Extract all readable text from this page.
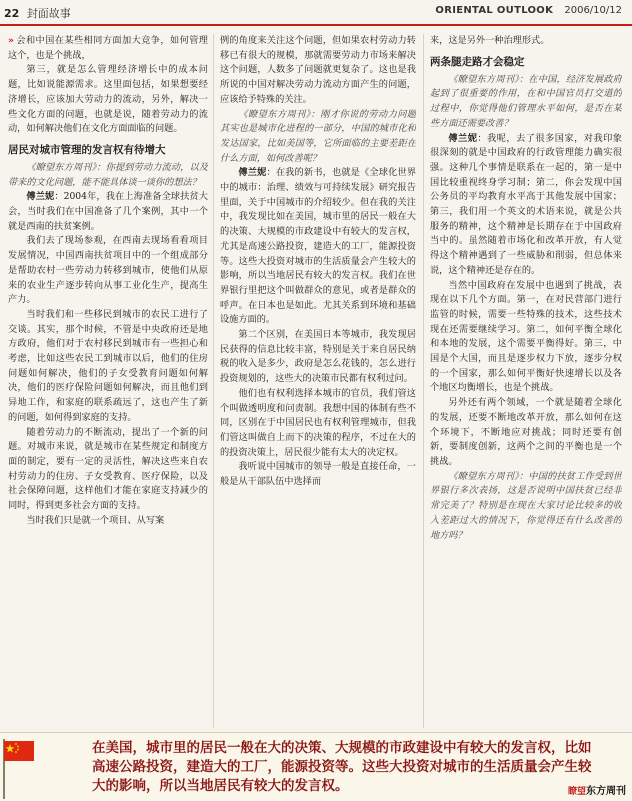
22 封面故事	ORIENTAL OUTLOOK 2006/10/12

» 会和中国在某些相同方面加大竞争，如何管理这个，也是个挑战，

第三，就是怎么管理经济增长中的成本问题，比如说能源需求。这里面包括，如果想要经济增长，应该加大劳动力的流动，另外，解决一些文化方面的问题，也就是说，随着劳动力的流动，如何解决他们在文化方面面临的问题。

居民对城市管理的发言权有待增大

《瞭望东方周刊》：你提到劳动力流动，以及带来的文化问题，能不能具体谈一谈你的想法？

傅兰妮：2004年，我在上海准备全球扶贫大会，当时我们在中国准备了几个案例，其中一个就是西南的扶贫案例。

我们去了现场参观，在西南去现场看看项目发展情况，中国西南扶贫项目中的一个组成部分是帮助农村一些劳动力转移到城市，使他们从原来的农业生产逐步转向从事工业化生产，提高生产力。

当时我们和一些移民到城市的农民工进行了交谈。其实，那个时候，不管是中央政府还是地方政府，他们对于农村移民到城市有一些担心和考虑，比如这些农民工到城市以后，他们的住房问题如何解决，他们的子女受教育问题如何解决，他们的医疗保险问题如何解决，而且他们到异地工作，和家庭的联系疏远了，这也产生了新的问题，如何得到家庭的支持。

随着劳动力的不断流动，提出了一个新的问题。对城市来说，就是城市在某些规定和制度方面的制定，要有一定的灵活性，解决这些来自农村劳动力的住房、子女受教育、医疗保险，以及社会保障问题，这样他们才能在家庭支持减少的同时，得到更多社会方面的支持。

当时我们只是就一个项目、从写案

例的角度来关注这个问题，但如果农村劳动力转移已有很大的规模，那就需要劳动力市场来解决这个问题，人数多了问题就更复杂了。这也是我所说的中国对解决劳动力流动方面产生的问题，应该给予特殊的关注。

《瞭望东方周刊》：刚才你说的劳动力问题其实也是城市化进程的一部分，中国的城市化和发达国家，比如美国等，它所面临的主要差距在什么方面，如何改善呢？

傅兰妮：在我的新书，也就是《全球化世界中的城市：治理、绩效与可持续发展》研究报告里面，关于中国城市的介绍较少。但在我的关注中，我发现比如在美国，城市里的居民一般在大的决策、大规模的市政建设中有较大的发言权，尤其是高速公路投资，建造大的工厂，能源投资等。这些大投资对城市的生活质量会产生较大的影响，所以当地居民有较大的发言权。我们在世界银行里把这个叫做群众的意见，或者是群众的呼声。在日本也是如此。尤其关系到环境和基础设施方面的。

第二个区别，在美国日本等城市，我发现居民获得的信息比较丰富，特别是关于来自居民纳税的收入是多少，政府是怎么花钱的，怎么进行投资规划的，这些大的决策市民都有权利过问。

他们也有权利选择本城市的官员，我们管这个叫做透明度和问责制。我想中国的体制有些不同，区别在于中国居民也有权利管理城市，但我们管这叫做自上而下的决策的程序，不过在大的的投资决策上，居民很少能有太大的决定权。

我听说中国城市的领导一般是直接任命，一般是从干部队伍中选择而

来，这是另外一种治理形式。

两条腿走路才会稳定

《瞭望东方周刊》：在中国，经济发展政府起到了很重要的作用，在和中国官员打交道的过程中，你觉得他们管理水平如何，是否在某些方面还需要改善？

傅兰妮：我呢，去了很多国家，对我印象很深刻的就是中国政府的行政管理能力确实很强。这种几个事情是联系在一起的，第一是中国比较重视终身学习制；第二，你会发现中国公务员的平均教育水平高于其他发展中国家；第三，我们用一个英文的术语来说，就是公共服务的精神，这个精神是长期存在于中国政府当中的。虽然随着市场化和改革开放，有人觉得这个精神遇到了一些威胁和削弱，但总体来说，这个精神还是存在的。

当然中国政府在发展中也遇到了挑战，表现在以下几个方面。第一，在对民营部门进行监管的时候，需要一些特殊的技术，这些技术现在还需要继续学习。第二，如何平衡全球化和本地的发展，这个需要平衡得好。第三，中国是个大国，而且是逐步权力下放，逐步分权的一个国家，那么如何平衡好快速增长以及各个地区均衡增长，也是个挑战。

另外还有两个领域，一个就是随着全球化的发展，还要不断地改革开放，那么如何在这个环境下，不断地应对挑战；同时还要有创新，要制度创新，这两个之间的平衡也是一个挑战。

《瞭望东方周刊》：中国的扶贫工作受到世界银行多次表扬，这是否说明中国扶贫已经非常完美了？特别是在现在大家讨论比较多的收入差距过大的情况下，你觉得还有什么改善的地方吗？

在美国，城市里的居民一般在大的决策、大规模的市政建设中有较大的发言权，比如高速公路投资，建造大的工厂，能源投资等。这些大投资对城市的生活质量会产生较大的影响，所以当地居民有较大的发言权。	瞭望东方周刊
